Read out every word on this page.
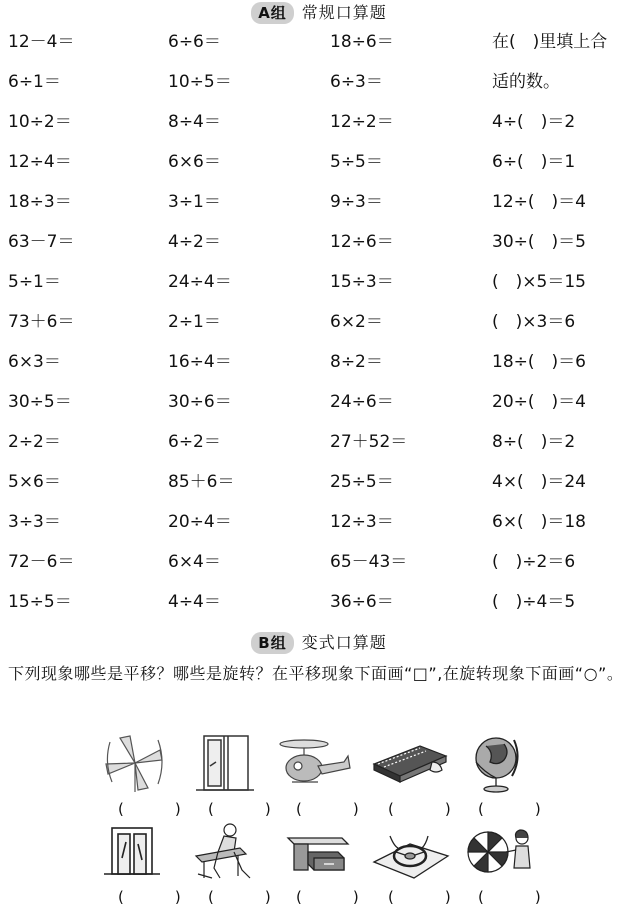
A组 常规口算题
12－4＝	6÷6＝	18÷6＝	在(　)里填上合
6÷1＝	10÷5＝	6÷3＝	适的数。
10÷2＝	8÷4＝	12÷2＝	4÷(　)＝2
12÷4＝	6×6＝	5÷5＝	6÷(　)＝1
18÷3＝	3÷1＝	9÷3＝	12÷(　)＝4
63－7＝	4÷2＝	12÷6＝	30÷(　)＝5
5÷1＝	24÷4＝	15÷3＝	(　)×5＝15
73＋6＝	2÷1＝	6×2＝	(　)×3＝6
6×3＝	16÷4＝	8÷2＝	18÷(　)＝6
30÷5＝	30÷6＝	24÷6＝	20÷(　)＝4
2÷2＝	6÷2＝	27＋52＝	8÷(　)＝2
5×6＝	85＋6＝	25÷5＝	4×(　)＝24
3÷3＝	20÷4＝	12÷3＝	6×(　)＝18
72－6＝	6×4＝	65－43＝	(　)÷2＝6
15÷5＝	4÷4＝	36÷6＝	(　)÷4＝5
B组 变式口算题
下列现象哪些是平移？哪些是旋转？在平移现象下面画“□”,在旋转现象下面画“○”。
(　) (　) (　) (　) (　)
(　) (　) (　) (　) (　)
